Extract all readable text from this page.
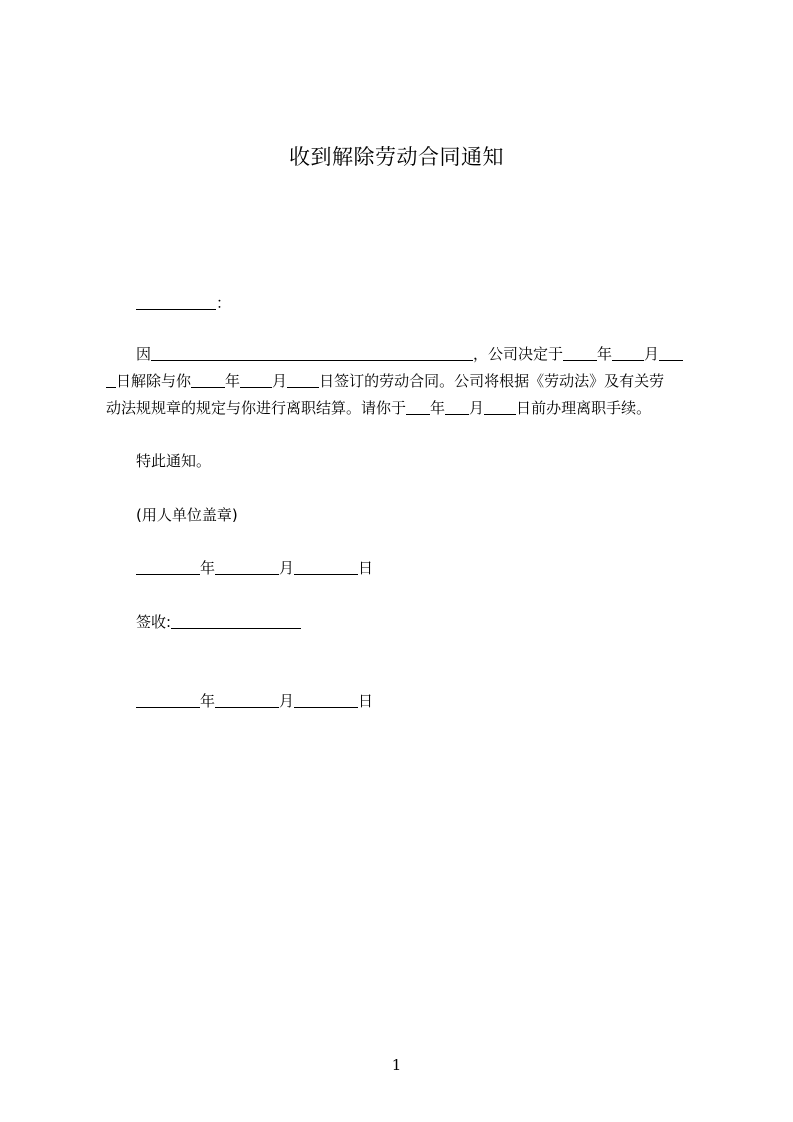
收到解除劳动合同通知
：
因	，公司决定于 年 月
日解除与你 年 月 日签订的劳动合同。公司将根据《劳动法》及有关劳
动法规规章的规定与你进行离职结算。请你于 年 月 日前办理离职手续。
特此通知。
(用人单位盖章)
年	月	日
签收:
年	月	日
1
